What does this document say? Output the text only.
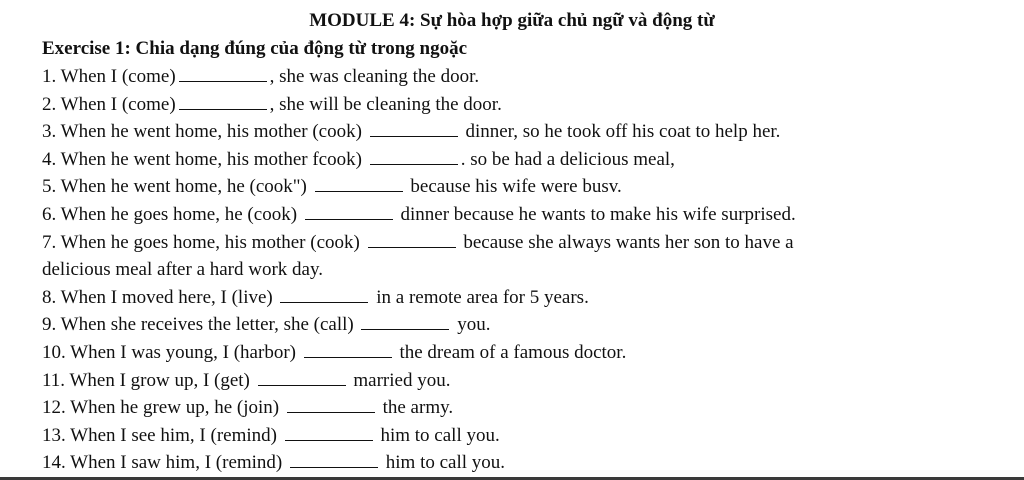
MODULE 4: Sự hòa hợp giữa chủ ngữ và động từ
Exercise 1: Chia dạng đúng của động từ trong ngoặc
1. When I (come)	, she was cleaning the door.
2. When I (come)	, she will be cleaning the door.
3. When he went home, his mother (cook)	dinner, so he took off his coat to help her.
4. When he went home, his mother fcook)	. so be had a delicious meal,
5. When he went home, he (cook")	because his wife were busv.
6. When he goes home, he (cook)	dinner because he wants to make his wife surprised.
7. When he goes home, his mother (cook)	because she always wants her son to have a
delicious meal after a hard work day.
8. When I moved here, I (live)	in a remote area for 5 years.
9. When she receives the letter, she (call)	you.
10. When I was young, I (harbor)	the dream of a famous doctor.
11. When I grow up, I (get)	married you.
12. When he grew up, he (join)	the army.
13. When I see him, I (remind)	him to call you.
14. When I saw him, I (remind)	him to call you.
